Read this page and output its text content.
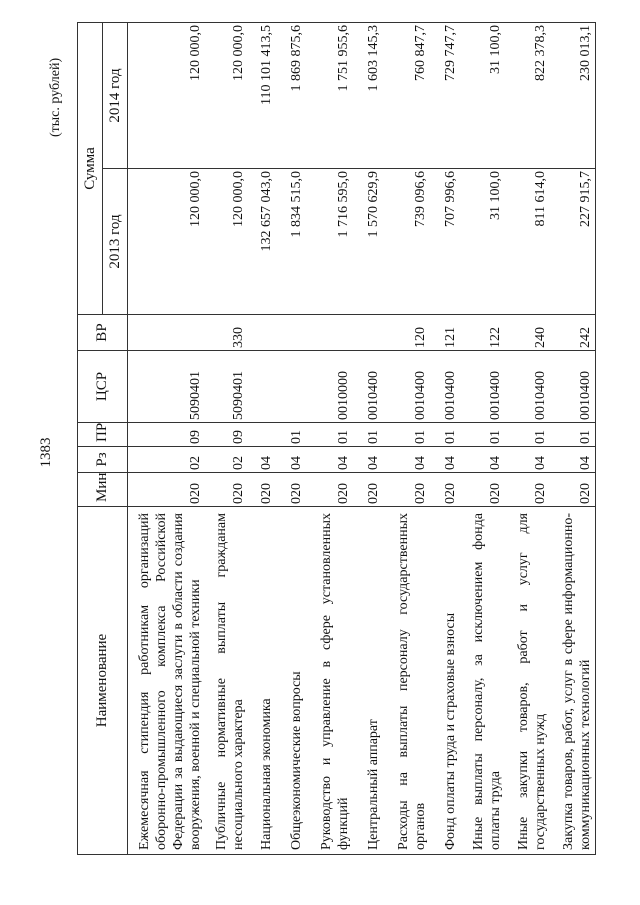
1383
(тыс. рублей)
Наименование	Мин	Рз	ПР	ЦСР	ВР	Сумма	
						2013 год	2014 год
Ежемесячная стипендия работникам организаций оборонно-промышленного комплекса Российской Федерации за выдающиеся заслуги в области создания вооружения, военной и специальной техники	020	02	09	5090401		120 000,0	120 000,0
Публичные нормативные выплаты гражданам несоциального характера	020	02	09	5090401	330	120 000,0	120 000,0
Национальная экономика	020	04				132 657 043,0	110 101 413,5
Общеэкономические вопросы	020	04	01			1 834 515,0	1 869 875,6
Руководство и управление в сфере установленных функций	020	04	01	0010000		1 716 595,0	1 751 955,6
Центральный аппарат	020	04	01	0010400		1 570 629,9	1 603 145,3
Расходы на выплаты персоналу государственных органов	020	04	01	0010400	120	739 096,6	760 847,7
Фонд оплаты труда и страховые взносы	020	04	01	0010400	121	707 996,6	729 747,7
Иные выплаты персоналу, за исключением фонда оплаты труда	020	04	01	0010400	122	31 100,0	31 100,0
Иные закупки товаров, работ и услуг для государственных нужд	020	04	01	0010400	240	811 614,0	822 378,3
Закупка товаров, работ, услуг в сфере информационно-коммуникационных технологий	020	04	01	0010400	242	227 915,7	230 013,1
